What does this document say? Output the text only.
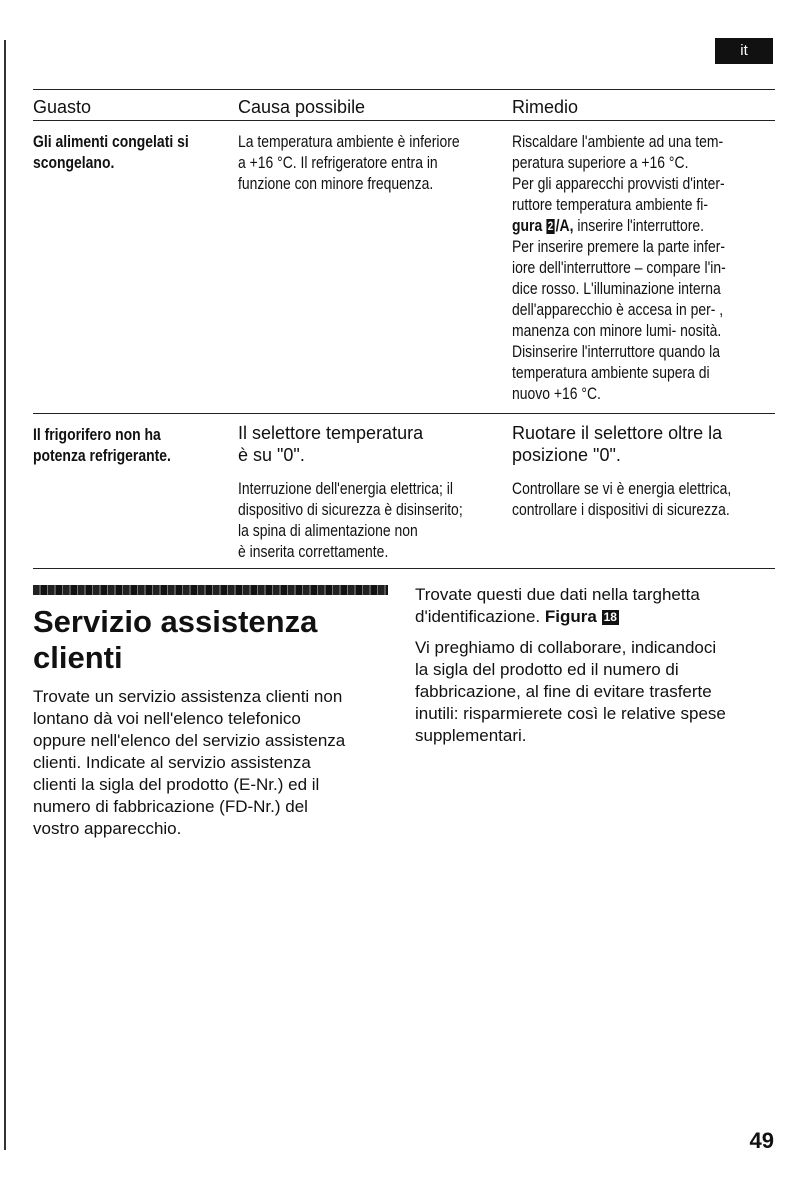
it
Guasto	Causa possibile	Rimedio

Gli alimenti congelati si

scongelano.

La temperatura ambiente è inferiore

a +16 °C. Il refrigeratore entra in

funzione con minore frequenza.

Riscaldare l'ambiente ad una tem-

peratura superiore a +16 °C.

Per gli apparecchi provvisti d'inter-

ruttore temperatura ambiente fi-

gura 2 /A, inserire l'interruttore.

Per inserire premere la parte infer-

iore dell'interruttore – compare l'in-

dice rosso. L'illuminazione interna

dell'apparecchio è accesa in per- ,

manenza con minore lumi- nosità.

Disinserire l'interruttore quando la

temperatura ambiente supera di

nuovo +16 °C.

Il frigorifero non ha

potenza refrigerante.

Il selettore temperatura

è su "0".

Ruotare il selettore oltre la

posizione "0".

Interruzione dell'energia elettrica; il

dispositivo di sicurezza è disinserito;

la spina di alimentazione non

è inserita correttamente.

Controllare se vi è energia elettrica,

controllare i dispositivi di sicurezza.

Servizio assistenza
clienti

Trovate un servizio assistenza clienti non

lontano dà voi nell'elenco telefonico

oppure nell'elenco del servizio assistenza

clienti. Indicate al servizio assistenza

clienti la sigla del prodotto (E-Nr.) ed il

numero di fabbricazione (FD-Nr.) del

vostro apparecchio.

Trovate questi due dati nella targhetta

d'identificazione. Figura 18

Vi preghiamo di collaborare, indicandoci

la sigla del prodotto ed il numero di

fabbricazione, al fine di evitare trasferte

inutili: risparmierete così le relative spese

supplementari.

49
